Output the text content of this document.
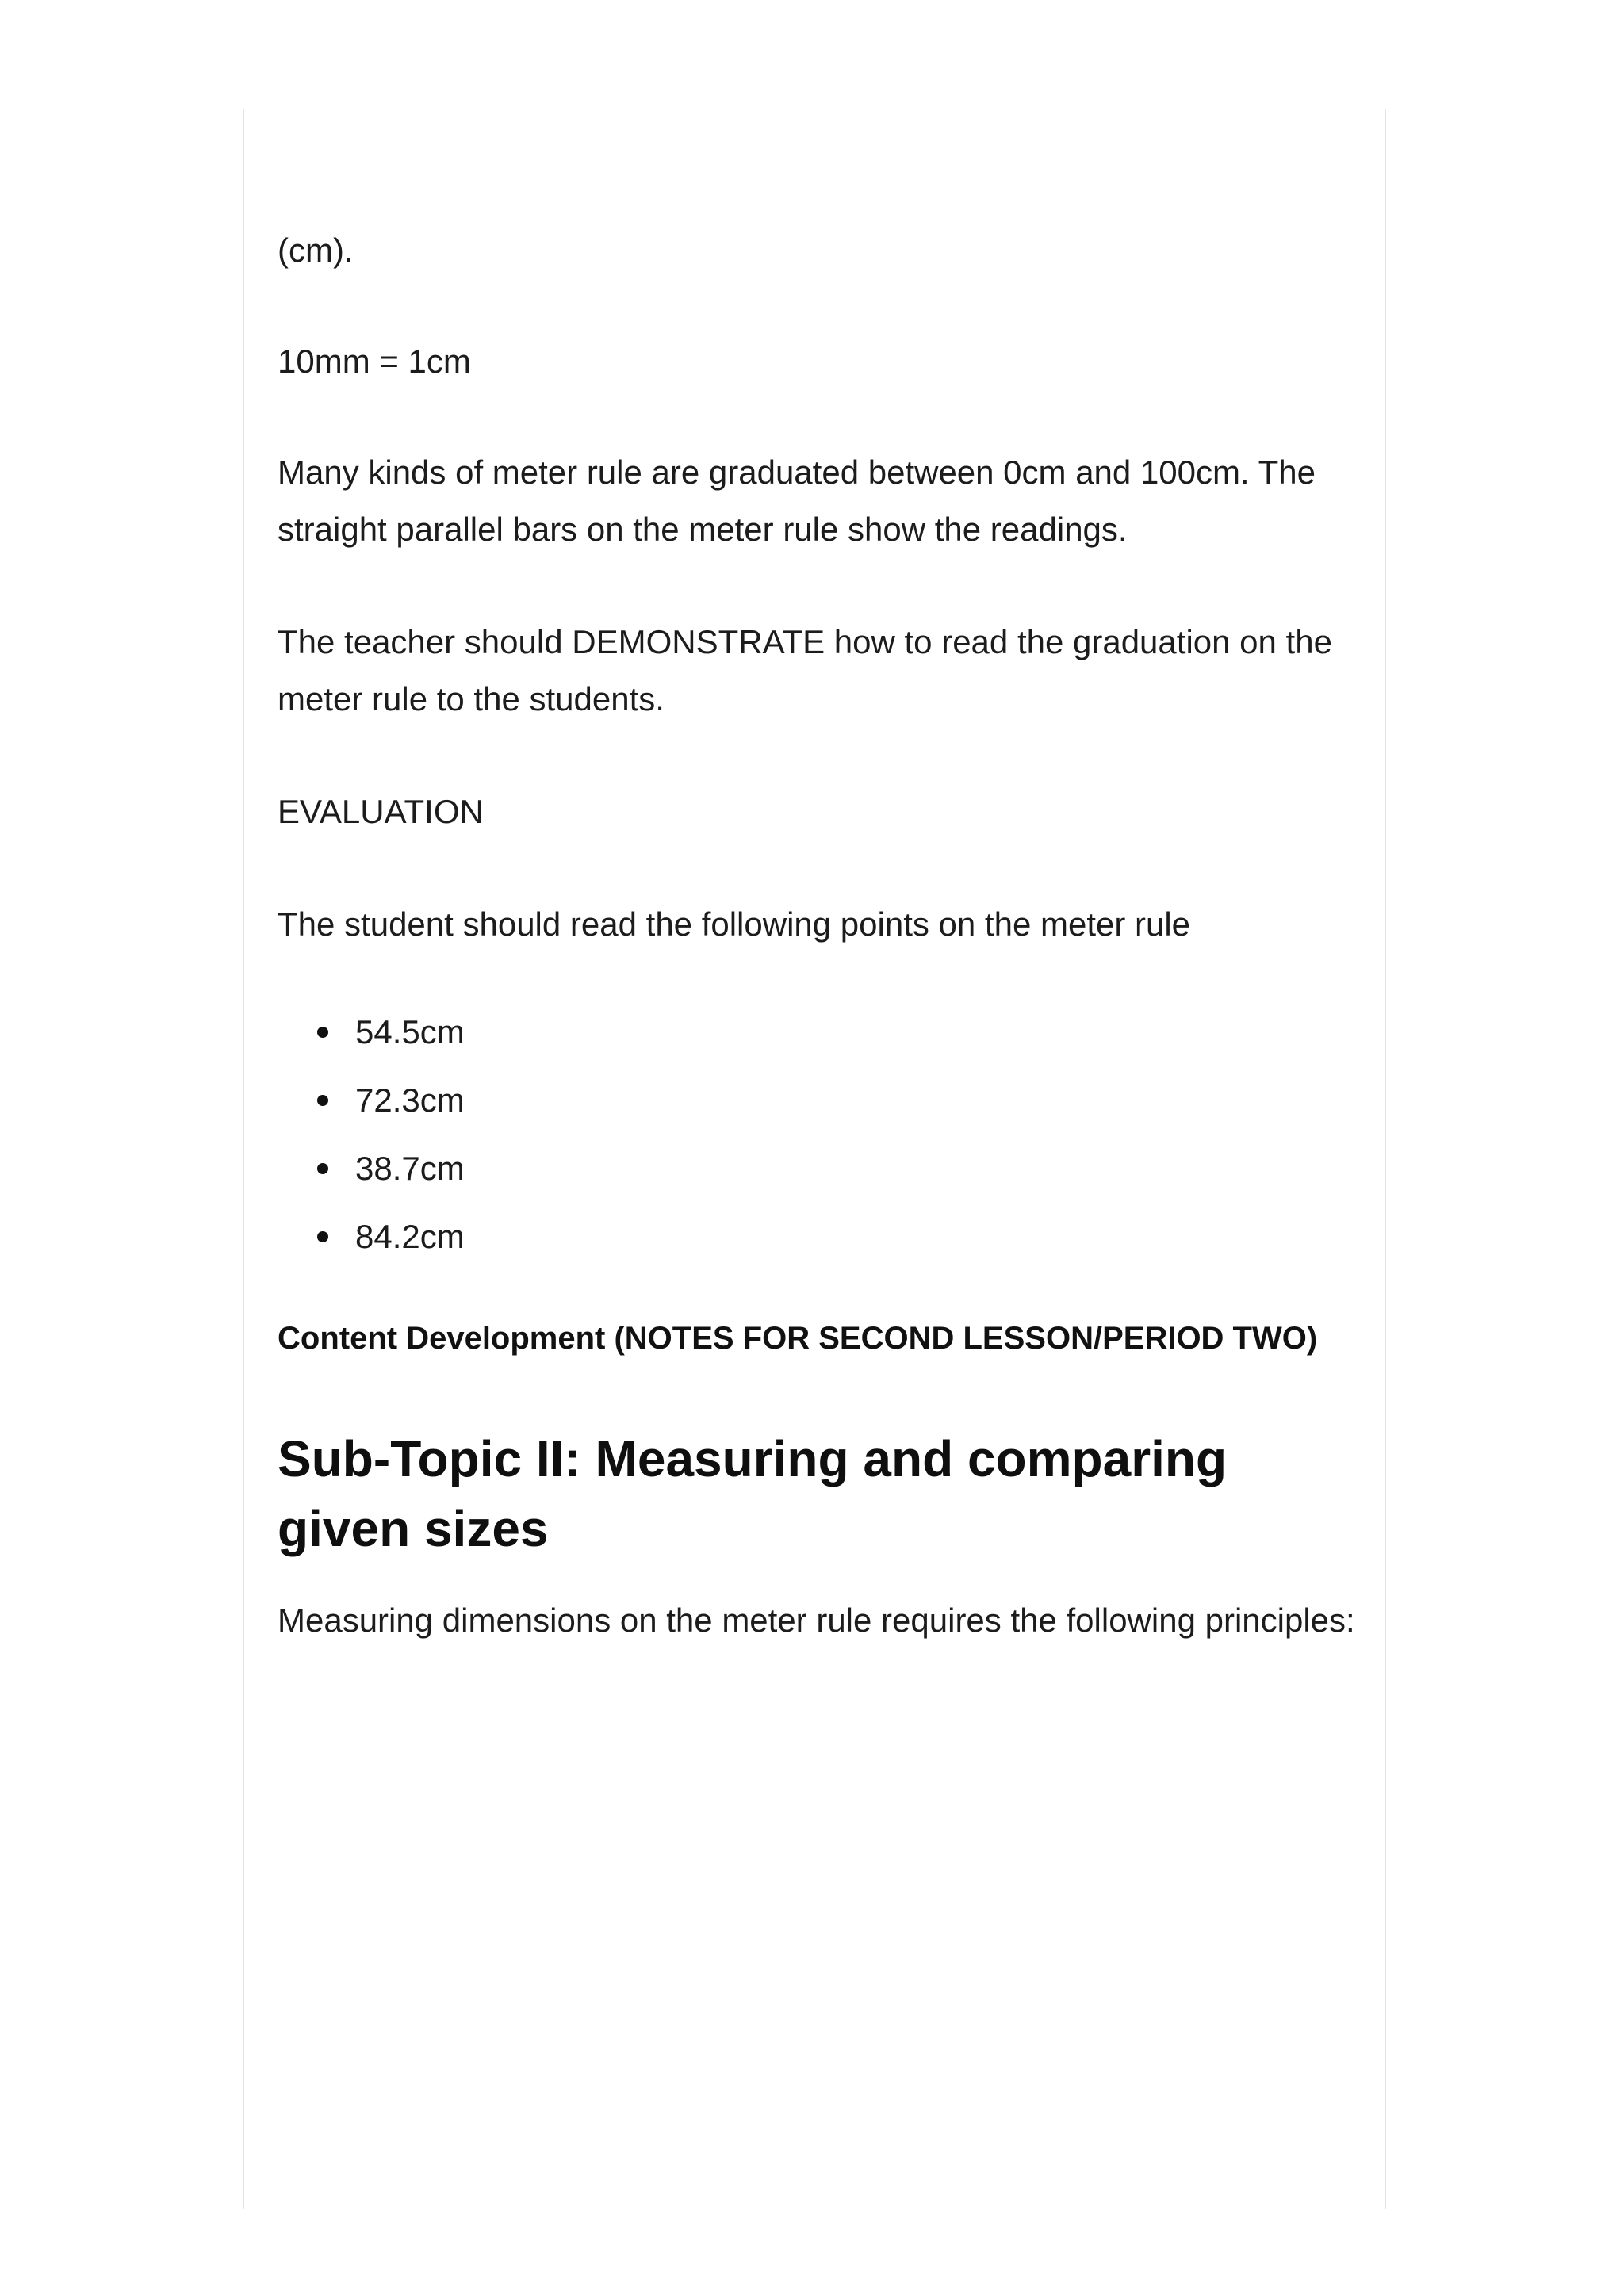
(cm).

10mm = 1cm

Many kinds of meter rule are graduated between 0cm and 100cm. The straight parallel bars on the meter rule show the readings.

The teacher should DEMONSTRATE how to read the graduation on the meter rule to the students.

EVALUATION

The student should read the following points on the meter rule

54.5cm
72.3cm
38.7cm
84.2cm

Content Development (NOTES FOR SECOND LESSON/PERIOD TWO)

Sub-Topic II: Measuring and comparing given sizes

Measuring dimensions on the meter rule requires the following principles:
